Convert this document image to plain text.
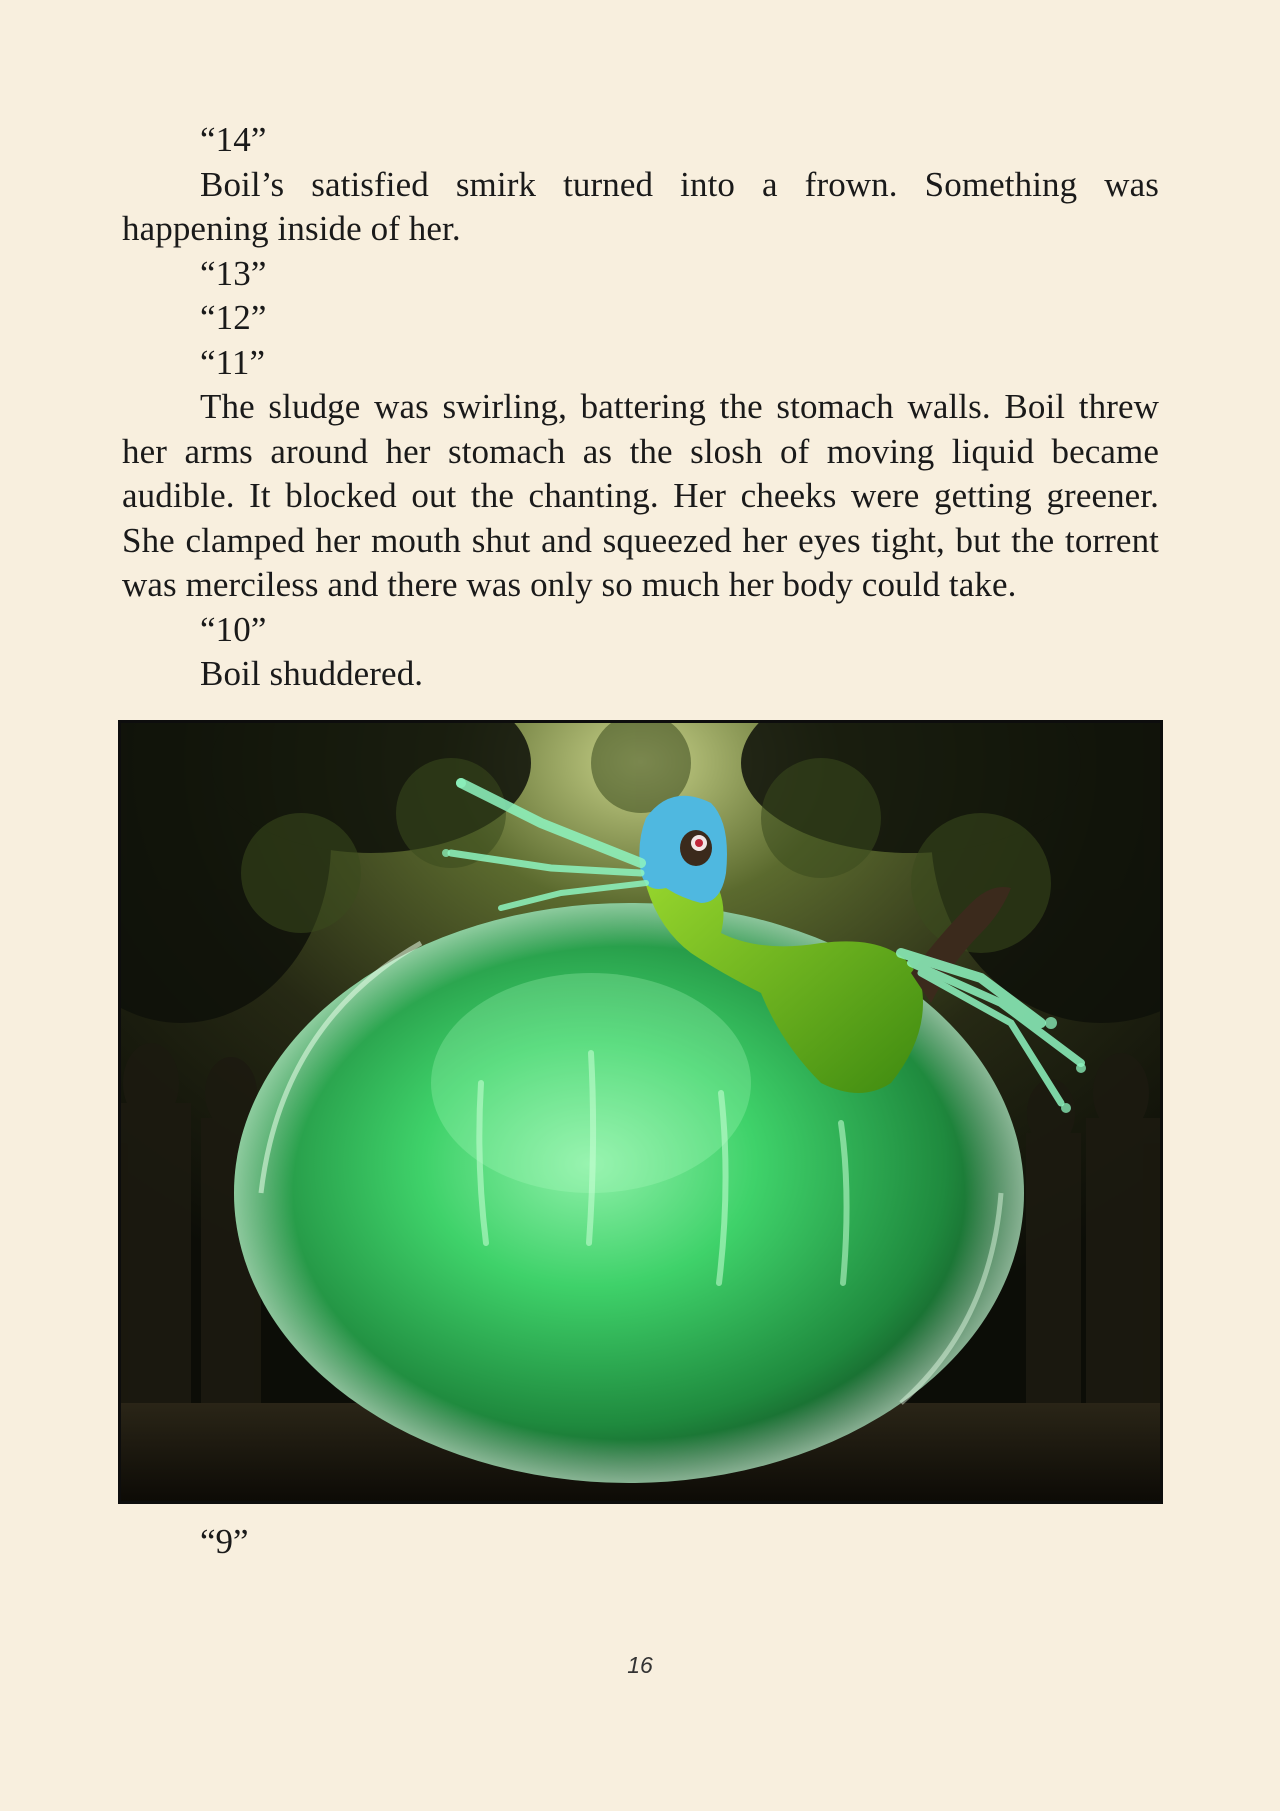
“14”

Boil’s satisfied smirk turned into a frown. Something was happening inside of her.

“13”

“12”

“11”

The sludge was swirling, battering the stomach walls. Boil threw her arms around her stomach as the slosh of moving liquid became audible. It blocked out the chanting. Her cheeks were getting greener. She clamped her mouth shut and squeezed her eyes tight, but the torrent was merciless and there was only so much her body could take.

“10”

Boil shuddered.

“9”

16
